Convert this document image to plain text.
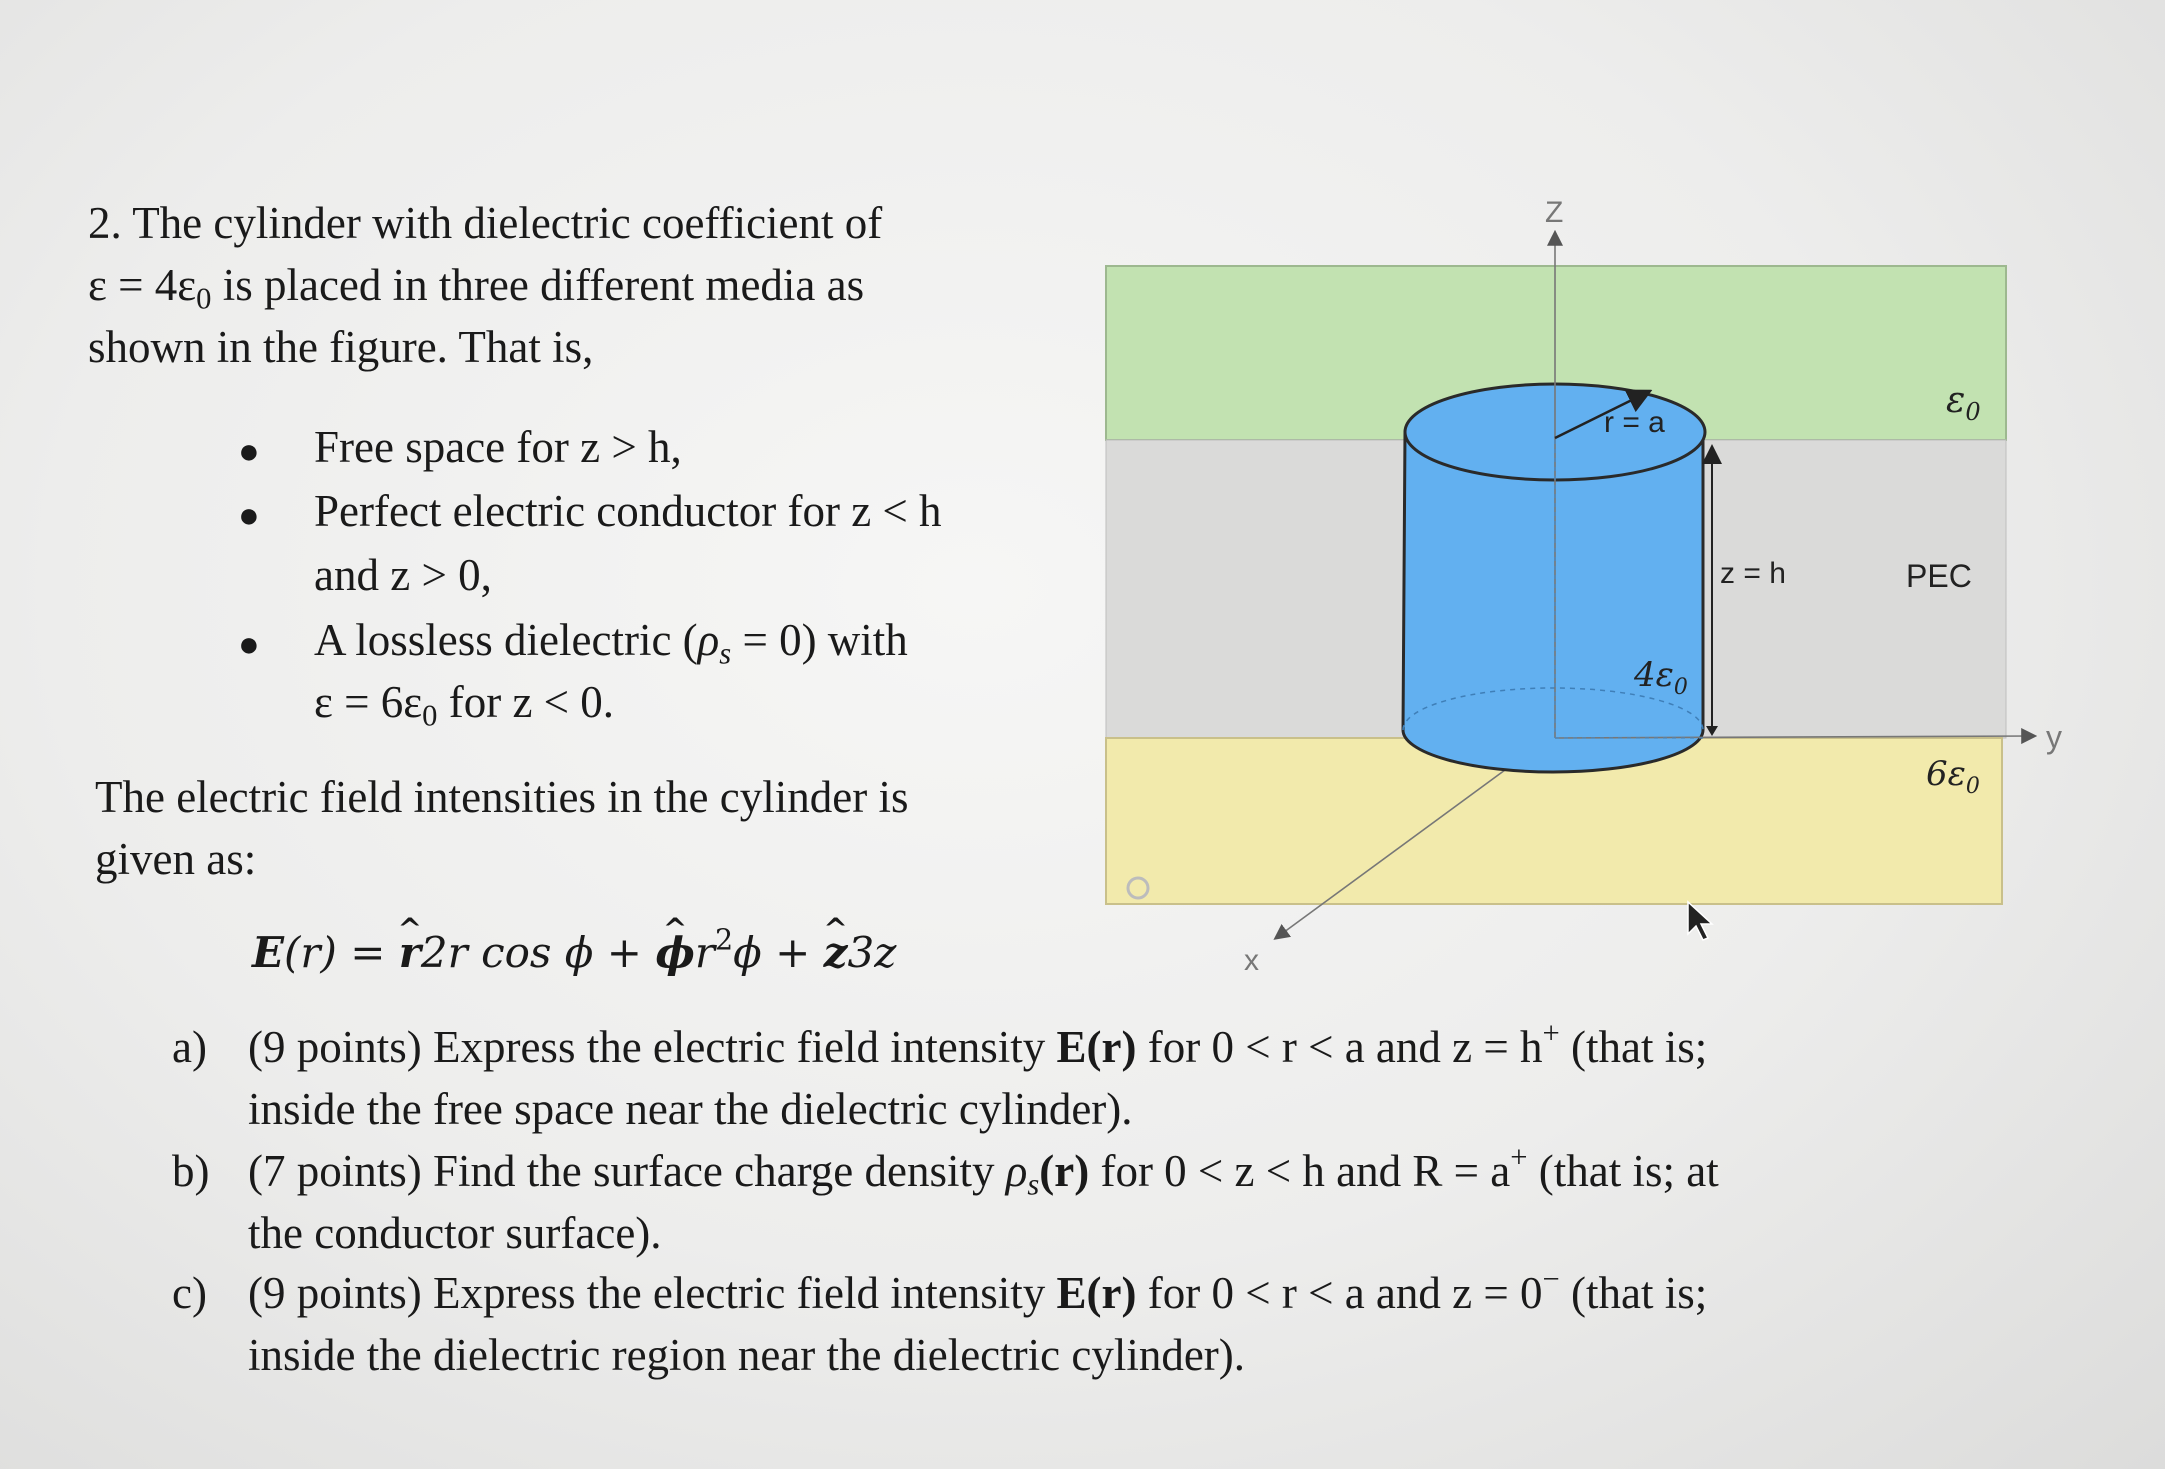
2. The cylinder with dielectric coefficient of
$\varepsilon = 4\varepsilon_0$ is placed in three different media as
shown in the figure. That is,
● Free space for z > h,
● Perfect electric conductor for z < h
and z > 0,
● A lossless dielectric $(\rho_s = 0)$ with
$\varepsilon = 6\varepsilon_0$ for z < 0.
The electric field intensities in the cylinder is
given as:
E(r) = r ^2r cos ϕ + ϕ $\^{}r^2\phi + z$ ^3z
a) (9 points) Express the electric field intensity E(r) for 0 < r < a and z = h+ (that is;
inside the free space near the dielectric cylinder).
b) (7 points) Find the surface charge density $\rho_s(r)$ for 0 < z < h and R = a+ (that is; at
the conductor surface).
c) (9 points) Express the electric field intensity E(r) for 0 < r < a and z = 0− (that is;
inside the dielectric region near the dielectric cylinder).
Z
y
x
r = a
z = h	PEC
$\varepsilon_0$
$4\varepsilon_0$
$6\varepsilon_0$
